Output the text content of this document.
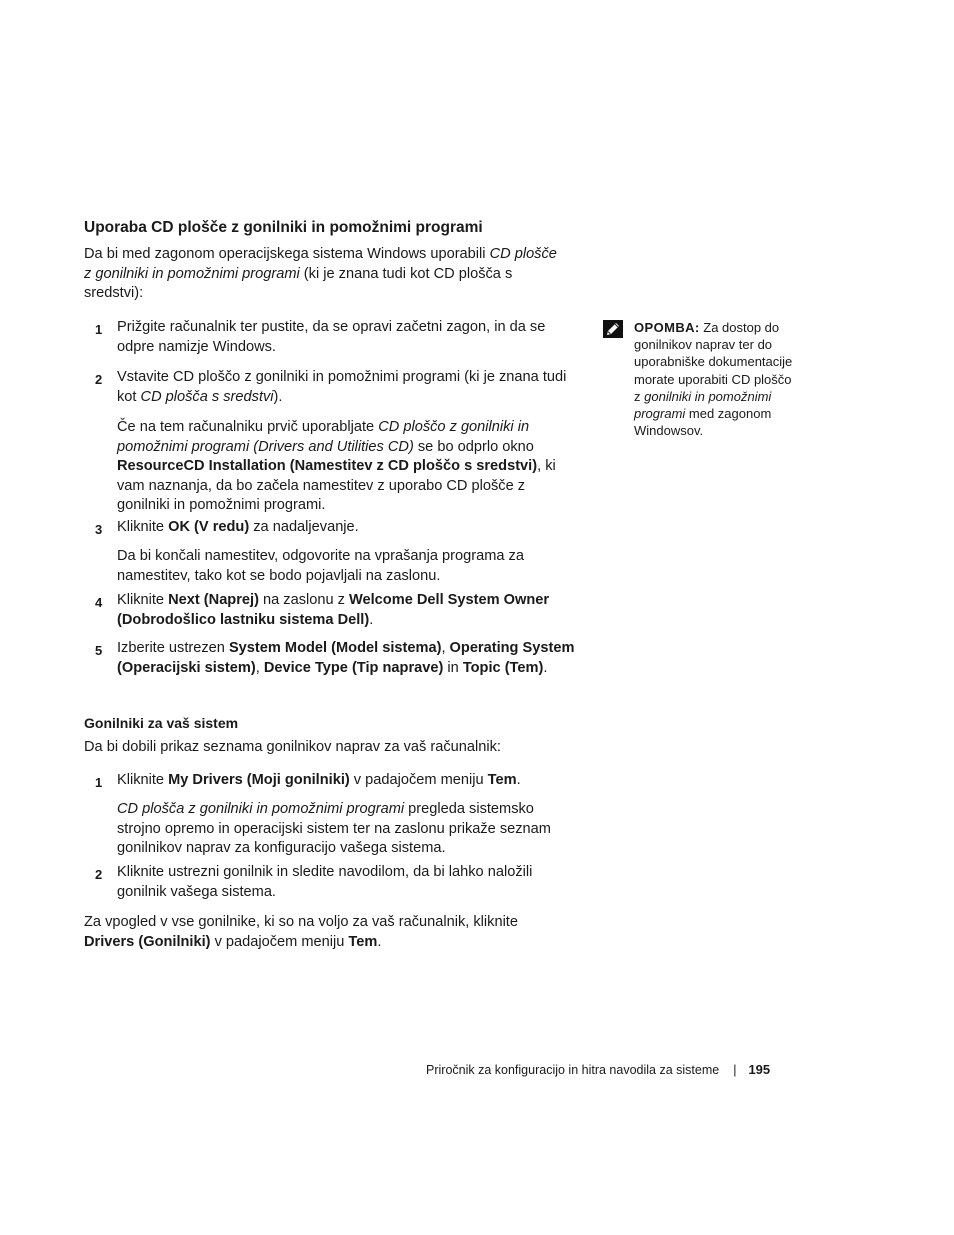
Uporaba CD plošče z gonilniki in pomožnimi programi
Da bi med zagonom operacijskega sistema Windows uporabili CD plošče z gonilniki in pomožnimi programi (ki je znana tudi kot CD plošča s sredstvi):
1 Prižgite računalnik ter pustite, da se opravi začetni zagon, in da se odpre namizje Windows.
2 Vstavite CD ploščo z gonilniki in pomožnimi programi (ki je znana tudi kot CD plošča s sredstvi).
Če na tem računalniku prvič uporabljate CD ploščo z gonilniki in pomožnimi programi (Drivers and Utilities CD) se bo odprlo okno ResourceCD Installation (Namestitev z CD ploščo s sredstvi), ki vam naznanja, da bo začela namestitev z uporabo CD plošče z gonilniki in pomožnimi programi.
3 Kliknite OK (V redu) za nadaljevanje.
Da bi končali namestitev, odgovorite na vprašanja programa za namestitev, tako kot se bodo pojavljali na zaslonu.
4 Kliknite Next (Naprej) na zaslonu z Welcome Dell System Owner (Dobrodošlico lastniku sistema Dell).
5 Izberite ustrezen System Model (Model sistema), Operating System (Operacijski sistem), Device Type (Tip naprave) in Topic (Tem).
Gonilniki za vaš sistem
Da bi dobili prikaz seznama gonilnikov naprav za vaš računalnik:
1 Kliknite My Drivers (Moji gonilniki) v padajočem meniju Tem.
CD plošča z gonilniki in pomožnimi programi pregleda sistemsko strojno opremo in operacijski sistem ter na zaslonu prikaže seznam gonilnikov naprav za konfiguracijo vašega sistema.
2 Kliknite ustrezni gonilnik in sledite navodilom, da bi lahko naložili gonilnik vašega sistema.
Za vpogled v vse gonilnike, ki so na voljo za vaš računalnik, kliknite Drivers (Gonilniki) v padajočem meniju Tem.
OPOMBA: Za dostop do gonilnikov naprav ter do uporabniške dokumentacije morate uporabiti CD ploščo z gonilniki in pomožnimi programi med zagonom Windowsov.
Priročnik za konfiguracijo in hitra navodila za sisteme | 195
